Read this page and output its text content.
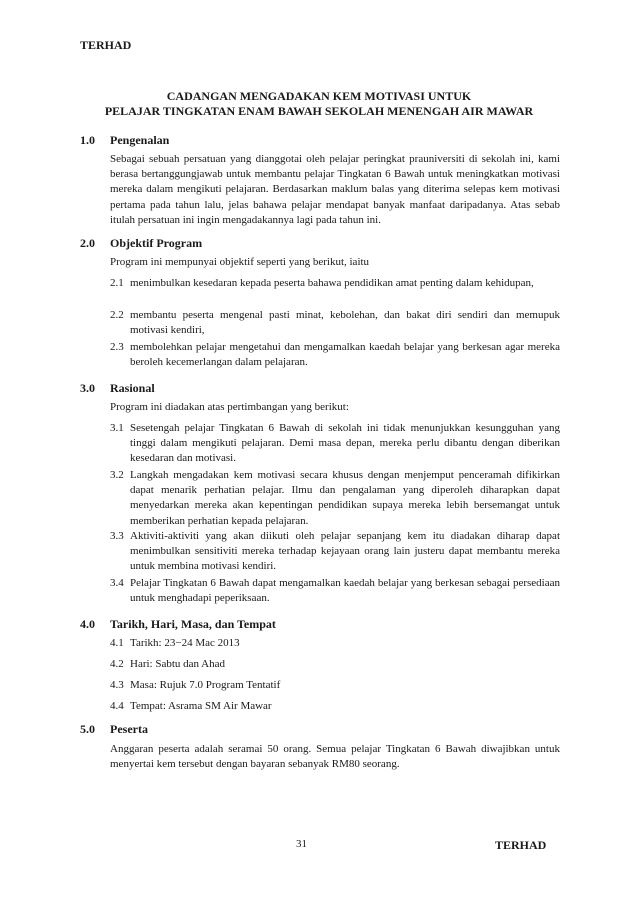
TERHAD
CADANGAN MENGADAKAN KEM MOTIVASI UNTUK
PELAJAR TINGKATAN ENAM BAWAH SEKOLAH MENENGAH AIR MAWAR
1.0 Pengenalan
Sebagai sebuah persatuan yang dianggotai oleh pelajar peringkat prauniversiti di sekolah ini, kami berasa bertanggungjawab untuk membantu pelajar Tingkatan 6 Bawah untuk meningkatkan motivasi mereka dalam mengikuti pelajaran. Berdasarkan maklum balas yang diterima selepas kem motivasi pertama pada tahun lalu, jelas bahawa pelajar mendapat banyak manfaat daripadanya. Atas sebab itulah persatuan ini ingin mengadakannya lagi pada tahun ini.
2.0 Objektif Program
Program ini mempunyai objektif seperti yang berikut, iaitu
2.1 menimbulkan kesedaran kepada peserta bahawa pendidikan amat penting dalam kehidupan,
2.2 membantu peserta mengenal pasti minat, kebolehan, dan bakat diri sendiri dan memupuk motivasi kendiri,
2.3 membolehkan pelajar mengetahui dan mengamalkan kaedah belajar yang berkesan agar mereka beroleh kecemerlangan dalam pelajaran.
3.0 Rasional
Program ini diadakan atas pertimbangan yang berikut:
3.1 Sesetengah pelajar Tingkatan 6 Bawah di sekolah ini tidak menunjukkan kesungguhan yang tinggi dalam mengikuti pelajaran. Demi masa depan, mereka perlu dibantu dengan diberikan kesedaran dan motivasi.
3.2 Langkah mengadakan kem motivasi secara khusus dengan menjemput penceramah difikirkan dapat menarik perhatian pelajar. Ilmu dan pengalaman yang diperoleh diharapkan dapat menyedarkan mereka akan kepentingan pendidikan supaya mereka lebih bersemangat untuk memberikan perhatian kepada pelajaran.
3.3 Aktiviti-aktiviti yang akan diikuti oleh pelajar sepanjang kem itu diadakan diharap dapat menimbulkan sensitiviti mereka terhadap kejayaan orang lain justeru dapat membantu mereka untuk membina motivasi kendiri.
3.4 Pelajar Tingkatan 6 Bawah dapat mengamalkan kaedah belajar yang berkesan sebagai persediaan untuk menghadapi peperiksaan.
4.0 Tarikh, Hari, Masa, dan Tempat
4.1 Tarikh: 23−24 Mac 2013
4.2 Hari: Sabtu dan Ahad
4.3 Masa: Rujuk 7.0 Program Tentatif
4.4 Tempat: Asrama SM Air Mawar
5.0 Peserta
Anggaran peserta adalah seramai 50 orang. Semua pelajar Tingkatan 6 Bawah diwajibkan untuk menyertai kem tersebut dengan bayaran sebanyak RM80 seorang.
31	TERHAD
